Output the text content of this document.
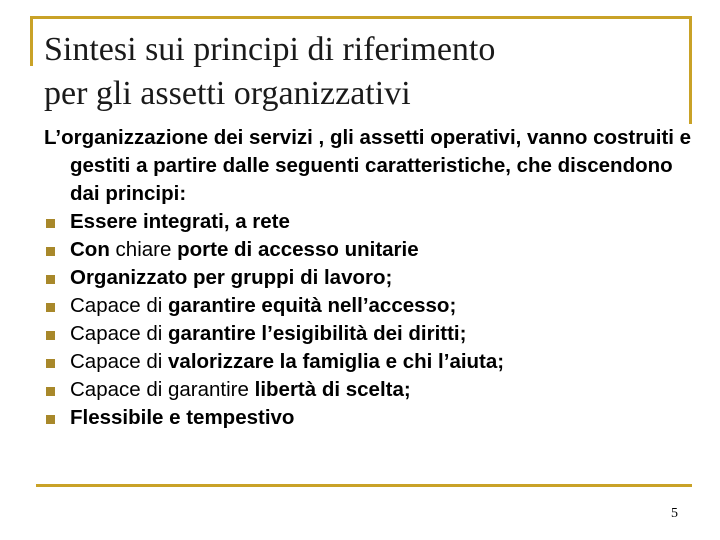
Sintesi sui principi di riferimento
per gli assetti organizzativi

L’organizzazione dei servizi , gli assetti operativi, vanno costruiti e gestiti a partire dalle seguenti caratteristiche, che discendono dai principi:

Essere integrati, a rete
Con chiare porte di accesso unitarie
Organizzato per gruppi di lavoro;
Capace di garantire equità nell’accesso;
Capace di garantire l’esigibilità dei diritti;
Capace di valorizzare la famiglia e chi l’aiuta;
Capace di garantire libertà di scelta;
Flessibile e tempestivo
5
